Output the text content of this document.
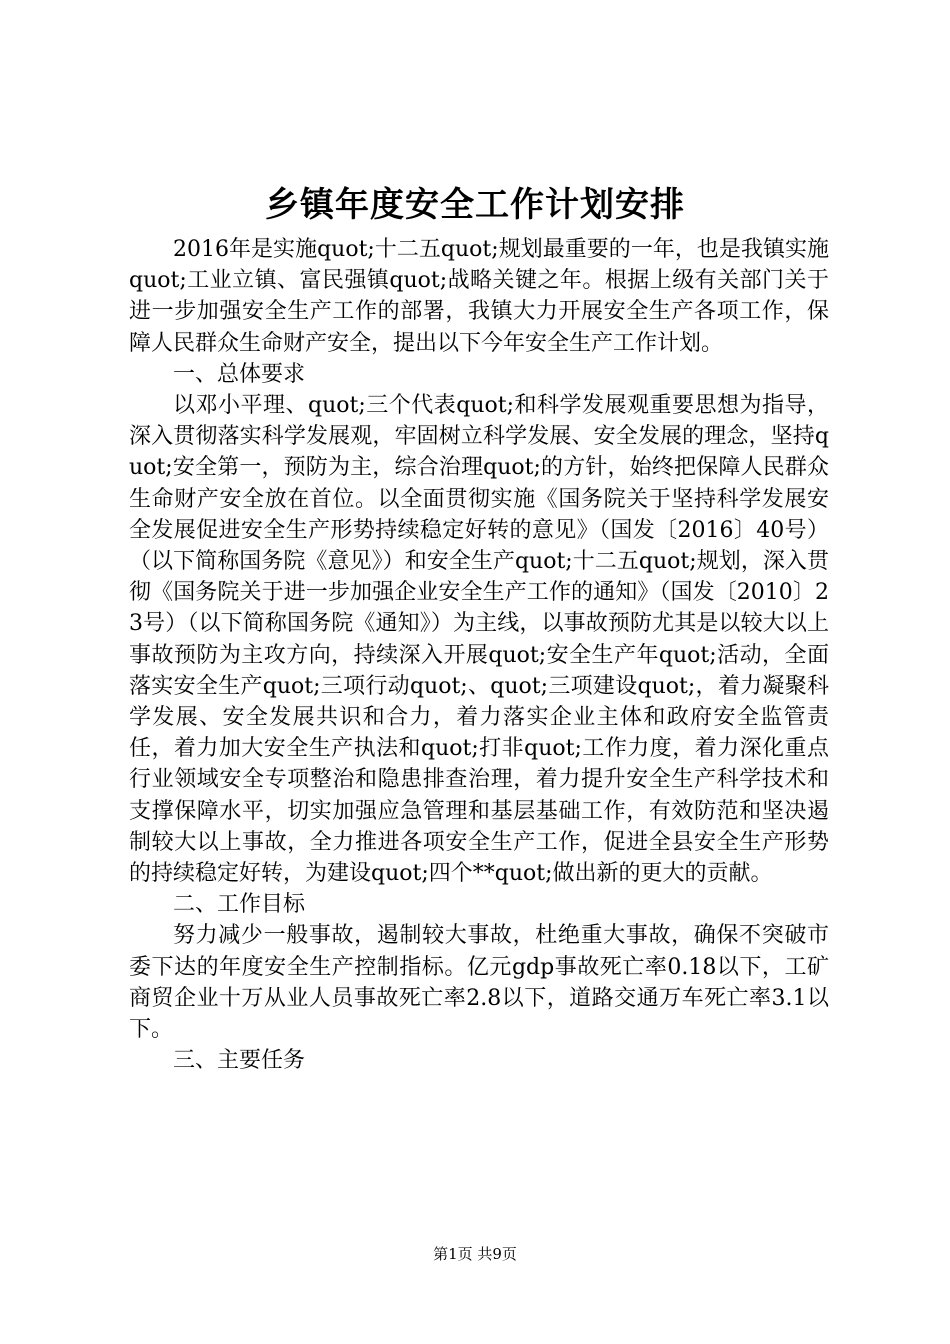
乡镇年度安全工作计划安排

2016年是实施quot;十二五quot;规划最重要的一年，也是我镇实施quot;工业立镇、富民强镇quot;战略关键之年。根据上级有关部门关于进一步加强安全生产工作的部署，我镇大力开展安全生产各项工作，保障人民群众生命财产安全，提出以下今年安全生产工作计划。

一、总体要求

以邓小平理、quot;三个代表quot;和科学发展观重要思想为指导，深入贯彻落实科学发展观，牢固树立科学发展、安全发展的理念，坚持quot;安全第一，预防为主，综合治理quot;的方针，始终把保障人民群众生命财产安全放在首位。以全面贯彻实施《国务院关于坚持科学发展安全发展促进安全生产形势持续稳定好转的意见》（国发〔2016〕40号）（以下简称国务院《意见》）和安全生产quot;十二五quot;规划，深入贯彻《国务院关于进一步加强企业安全生产工作的通知》（国发〔2010〕23号）（以下简称国务院《通知》）为主线，以事故预防尤其是以较大以上事故预防为主攻方向，持续深入开展quot;安全生产年quot;活动，全面落实安全生产quot;三项行动quot;、quot;三项建设quot;，着力凝聚科学发展、安全发展共识和合力，着力落实企业主体和政府安全监管责任，着力加大安全生产执法和quot;打非quot;工作力度，着力深化重点行业领域安全专项整治和隐患排查治理，着力提升安全生产科学技术和支撑保障水平，切实加强应急管理和基层基础工作，有效防范和坚决遏制较大以上事故，全力推进各项安全生产工作，促进全县安全生产形势的持续稳定好转，为建设quot;四个**quot;做出新的更大的贡献。

二、工作目标

努力减少一般事故，遏制较大事故，杜绝重大事故，确保不突破市委下达的年度安全生产控制指标。亿元gdp事故死亡率0.18以下，工矿商贸企业十万从业人员事故死亡率2.8以下，道路交通万车死亡率3.1以下。

三、主要任务

第1页 共9页
